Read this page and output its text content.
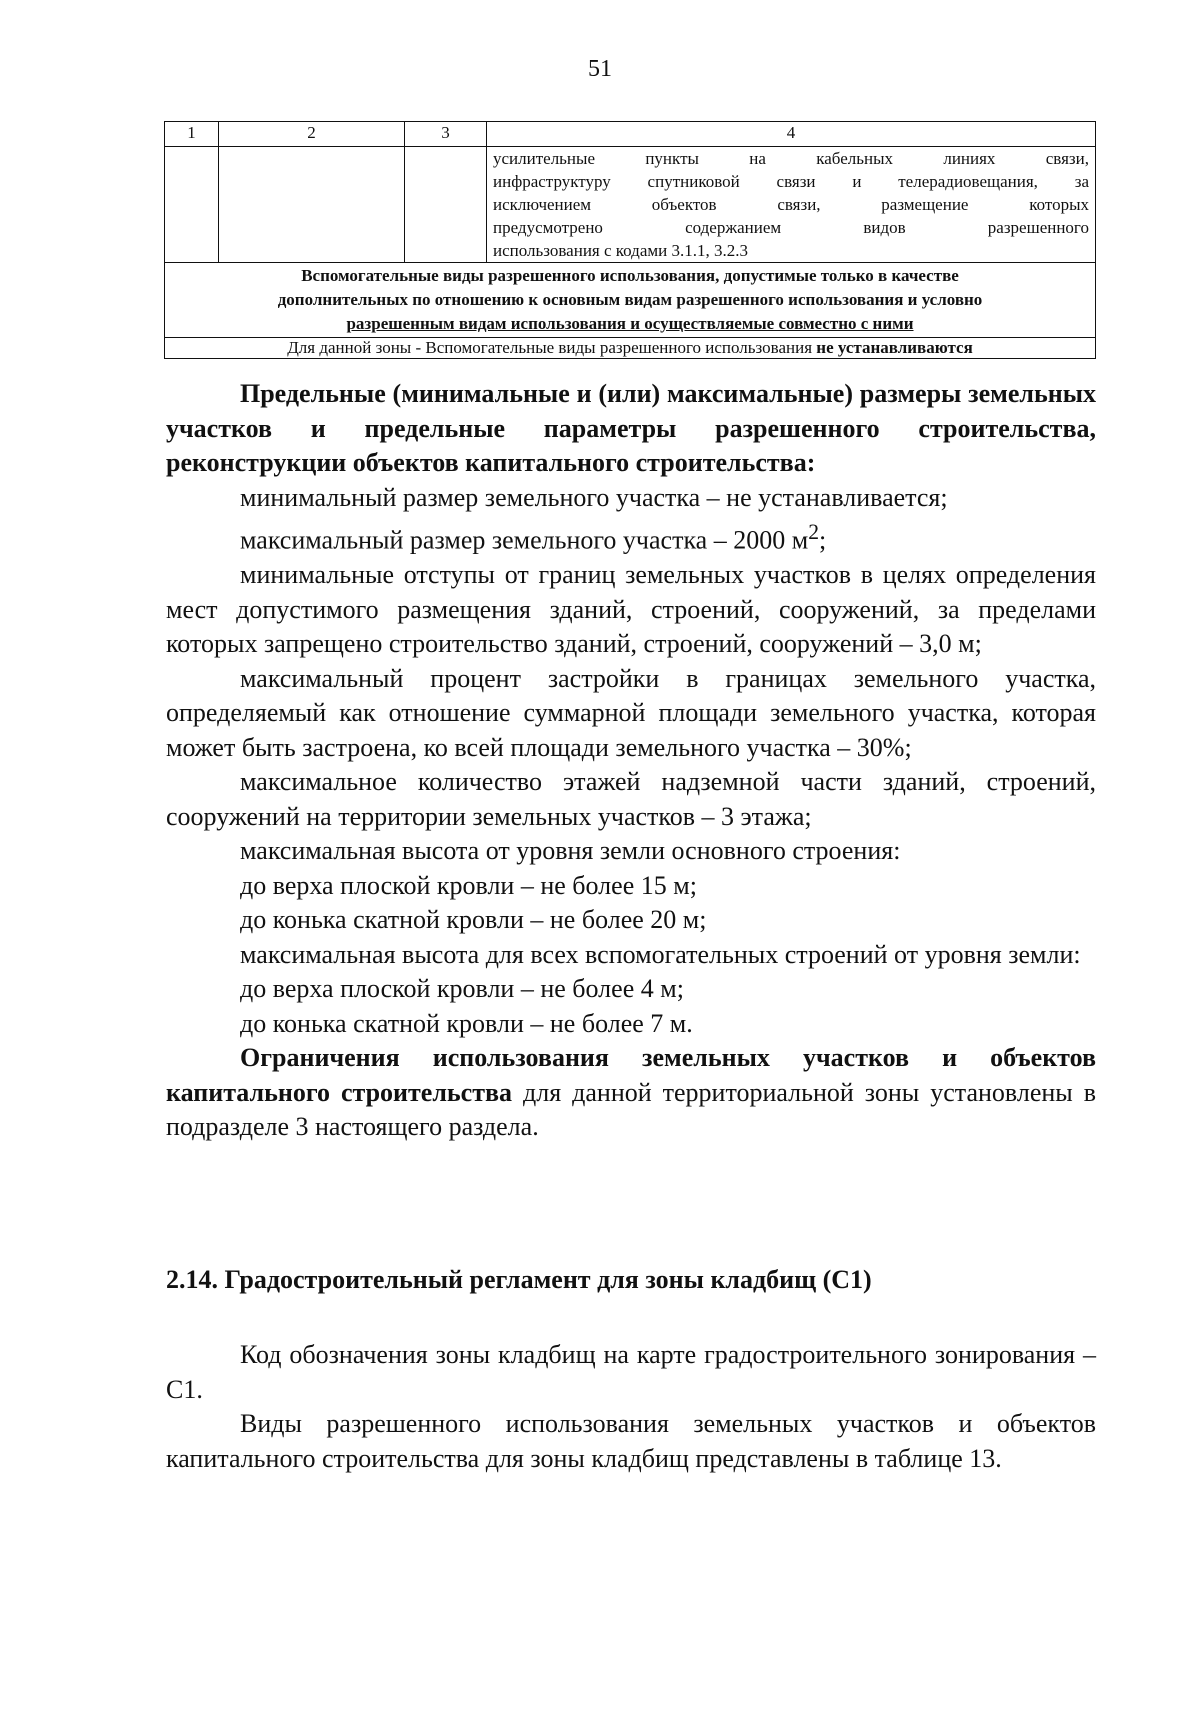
51
1	2	3	4

			усилительные пункты на кабельных линиях связи,
инфраструктуру спутниковой связи и телерадиовещания, за
исключением объектов связи, размещение которых
предусмотрено содержанием видов разрешенного
использования с кодами 3.1.1, 3.2.3

Вспомогательные виды разрешенного использования, допустимые только в качестве
дополнительных по отношению к основным видам разрешенного использования и условно
разрешенным видам использования и осуществляемые совместно с ними			

Для данной зоны - Вспомогательные виды разрешенного использования не устанавливаются			

Предельные (минимальные и (или) максимальные) размеры земельных участков и предельные параметры разрешенного строительства, реконструкции объектов капитального строительства:

минимальный размер земельного участка – не устанавливается;

максимальный размер земельного участка – 2000 $м^2$;

минимальные отступы от границ земельных участков в целях определения мест допустимого размещения зданий, строений, сооружений, за пределами которых запрещено строительство зданий, строений, сооружений – 3,0 м;

максимальный процент застройки в границах земельного участка, определяемый как отношение суммарной площади земельного участка, которая может быть застроена, ко всей площади земельного участка – 30%;

максимальное количество этажей надземной части зданий, строений, сооружений на территории земельных участков – 3 этажа;

максимальная высота от уровня земли основного строения:

до верха плоской кровли – не более 15 м;

до конька скатной кровли – не более 20 м;

максимальная высота для всех вспомогательных строений от уровня земли:

до верха плоской кровли – не более 4 м;

до конька скатной кровли – не более 7 м.

Ограничения использования земельных участков и объектов капитального строительства для данной территориальной зоны установлены в подразделе 3 настоящего раздела.

2.14. Градостроительный регламент для зоны кладбищ (С1)

Код обозначения зоны кладбищ на карте градостроительного зонирования – С1.

Виды разрешенного использования земельных участков и объектов капитального строительства для зоны кладбищ представлены в таблице 13.
